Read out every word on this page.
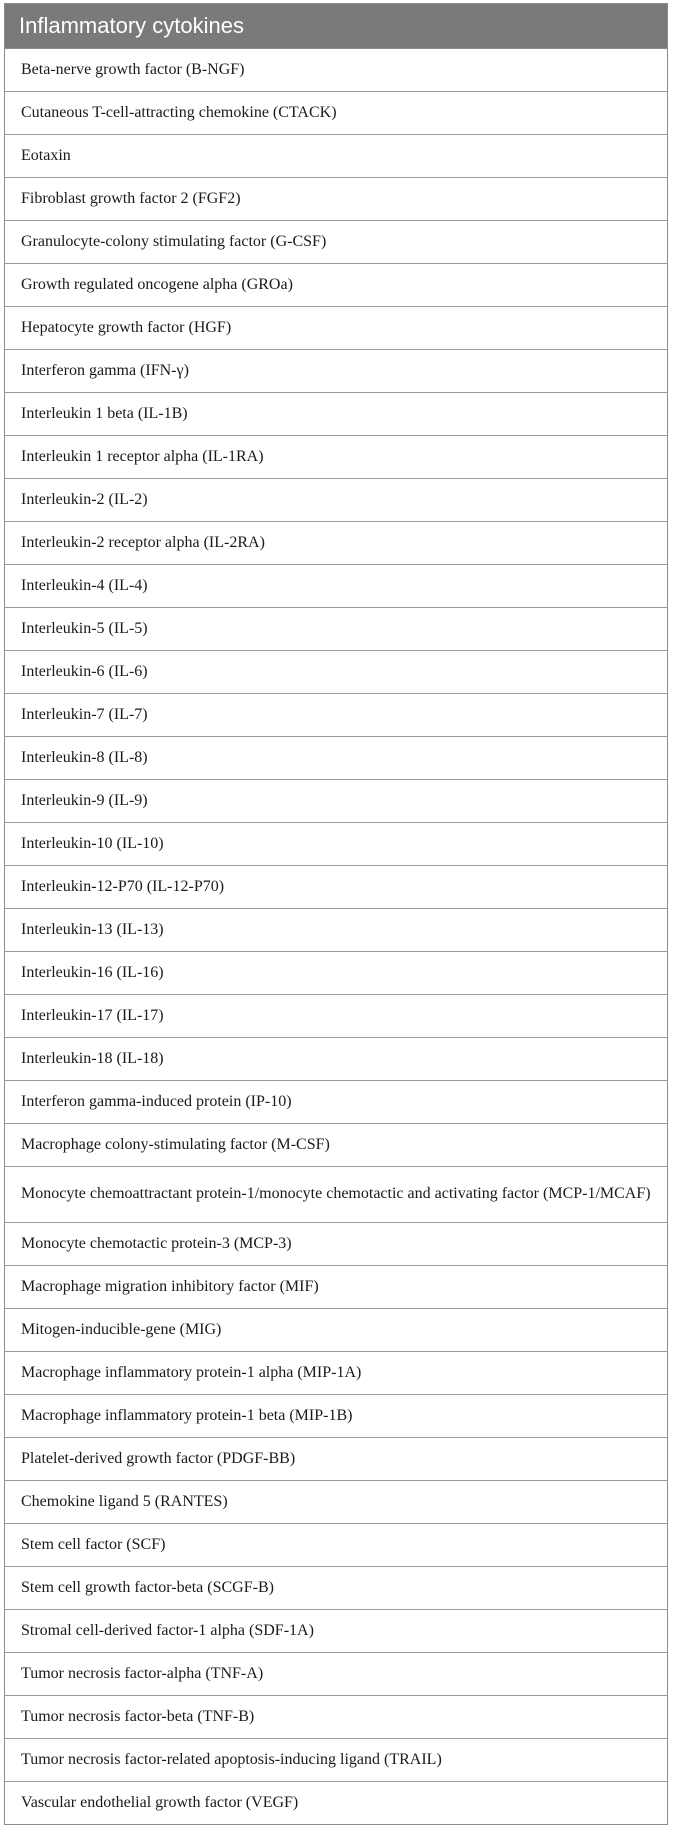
Inflammatory cytokines
Beta-nerve growth factor (B-NGF)
Cutaneous T-cell-attracting chemokine (CTACK)
Eotaxin
Fibroblast growth factor 2 (FGF2)
Granulocyte-colony stimulating factor (G-CSF)
Growth regulated oncogene alpha (GROa)
Hepatocyte growth factor (HGF)
Interferon gamma (IFN-γ)
Interleukin 1 beta (IL-1B)
Interleukin 1 receptor alpha (IL-1RA)
Interleukin-2 (IL-2)
Interleukin-2 receptor alpha (IL-2RA)
Interleukin-4 (IL-4)
Interleukin-5 (IL-5)
Interleukin-6 (IL-6)
Interleukin-7 (IL-7)
Interleukin-8 (IL-8)
Interleukin-9 (IL-9)
Interleukin-10 (IL-10)
Interleukin-12-P70 (IL-12-P70)
Interleukin-13 (IL-13)
Interleukin-16 (IL-16)
Interleukin-17 (IL-17)
Interleukin-18 (IL-18)
Interferon gamma-induced protein (IP-10)
Macrophage colony-stimulating factor (M-CSF)
Monocyte chemoattractant protein-1/monocyte chemotactic and activating factor (MCP-1/MCAF)
Monocyte chemotactic protein-3 (MCP-3)
Macrophage migration inhibitory factor (MIF)
Mitogen-inducible-gene (MIG)
Macrophage inflammatory protein-1 alpha (MIP-1A)
Macrophage inflammatory protein-1 beta (MIP-1B)
Platelet-derived growth factor (PDGF-BB)
Chemokine ligand 5 (RANTES)
Stem cell factor (SCF)
Stem cell growth factor-beta (SCGF-B)
Stromal cell-derived factor-1 alpha (SDF-1A)
Tumor necrosis factor-alpha (TNF-A)
Tumor necrosis factor-beta (TNF-B)
Tumor necrosis factor-related apoptosis-inducing ligand (TRAIL)
Vascular endothelial growth factor (VEGF)
